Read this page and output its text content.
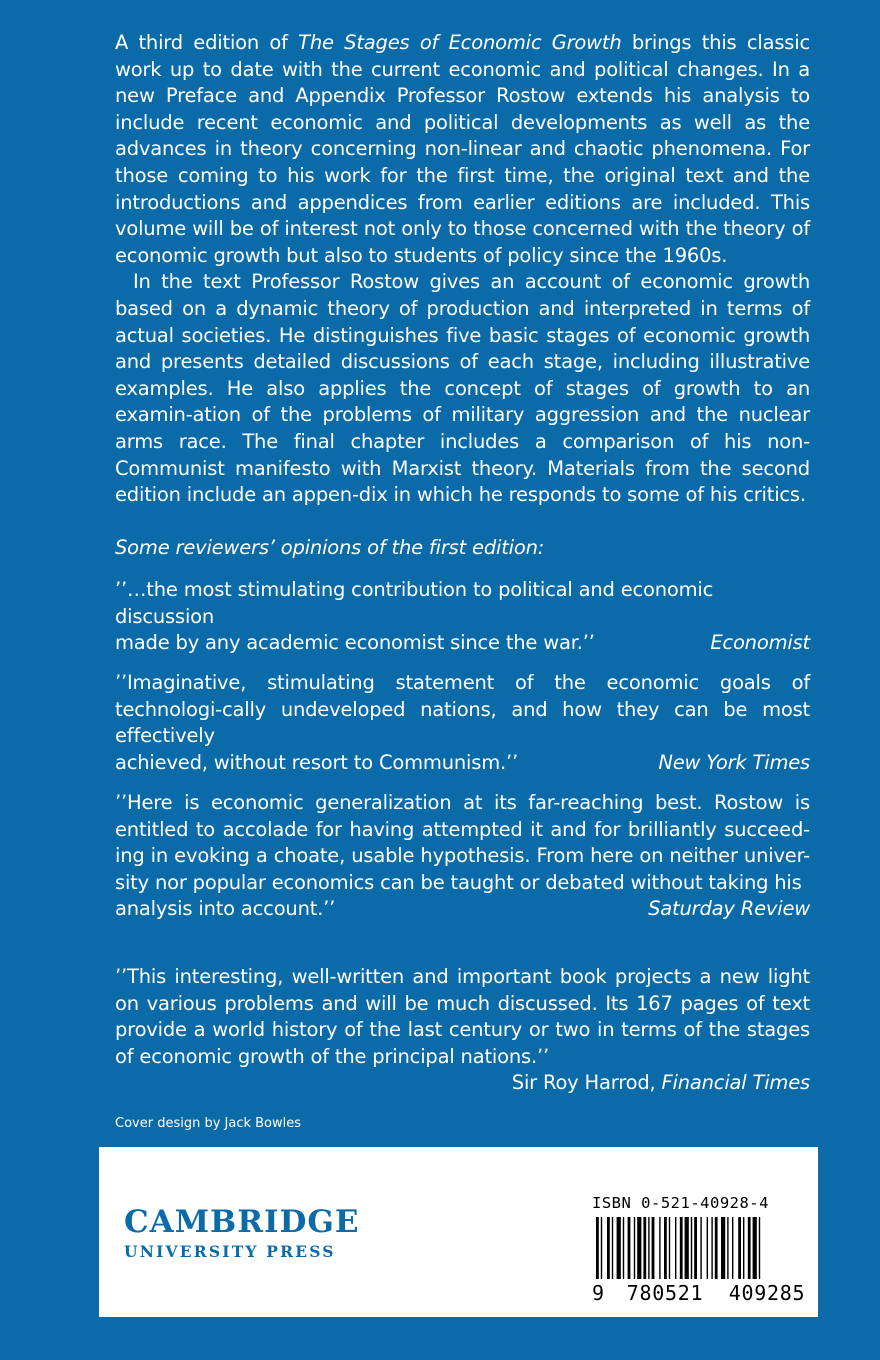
A third edition of The Stages of Economic Growth brings this classic work up to date with the current economic and political changes. In a new Preface and Appendix Professor Rostow extends his analysis to include recent economic and political developments as well as the advances in theory concerning non-linear and chaotic phenomena. For those coming to his work for the first time, the original text and the introductions and appendices from earlier editions are included. This volume will be of interest not only to those concerned with the theory of economic growth but also to students of policy since the 1960s.

In the text Professor Rostow gives an account of economic growth based on a dynamic theory of production and interpreted in terms of actual societies. He distinguishes five basic stages of economic growth and presents detailed discussions of each stage, including illustrative examples. He also applies the concept of stages of growth to an examin-ation of the problems of military aggression and the nuclear arms race. The final chapter includes a comparison of his non-Communist manifesto with Marxist theory. Materials from the second edition include an appen-dix in which he responds to some of his critics.

Some reviewers’ opinions of the first edition:

’’…the most stimulating contribution to political and economic discussion

made by any academic economist since the war.’’	Economist

’’Imaginative, stimulating statement of the economic goals of technologi-cally undeveloped nations, and how they can be most effectively

achieved, without resort to Communism.’’	New York Times

’’Here is economic generalization at its far-reaching best. Rostow is entitled to accolade for having attempted it and for brilliantly succeed-ing in evoking a choate, usable hypothesis. From here on neither univer-sity nor popular economics can be taught or debated without taking his

analysis into account.’’	Saturday Review

’’This interesting, well-written and important book projects a new light on various problems and will be much discussed. Its 167 pages of text provide a world history of the last century or two in terms of the stages of economic growth of the principal nations.’’

Sir Roy Harrod, Financial Times
Cover design by Jack Bowles
CAMBRIDGE
UNIVERSITY PRESS
ISBN 0-521-40928-4
9	780521	409285
